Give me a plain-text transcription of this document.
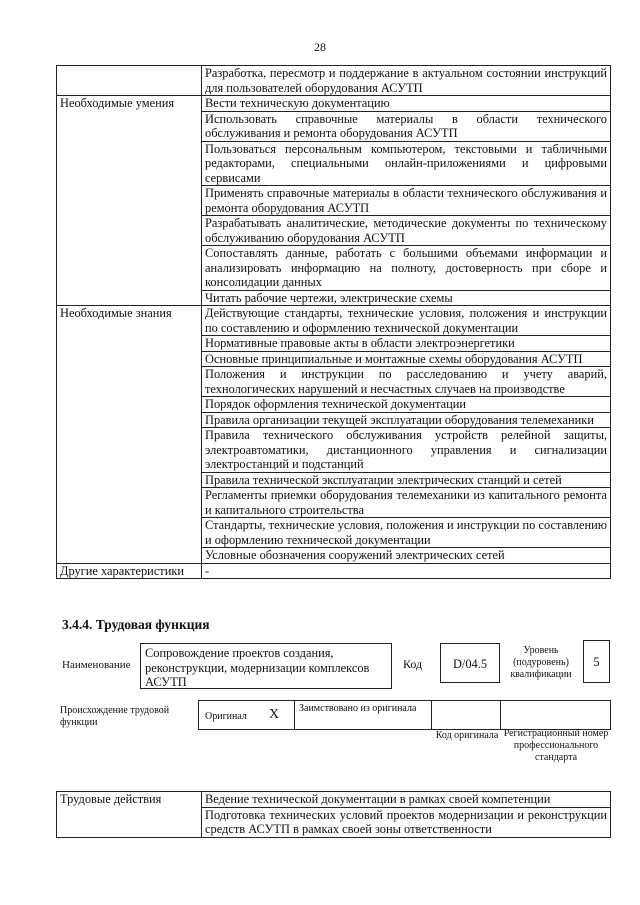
28
	Разработка, пересмотр и поддержание в актуальном состоянии инструкций для пользователей оборудования АСУТП
Необходимые умения	Вести техническую документацию
	Использовать справочные материалы в области технического обслуживания и ремонта оборудования АСУТП
	Пользоваться персональным компьютером, текстовыми и табличными редакторами, специальными онлайн-приложениями и цифровыми сервисами
	Применять справочные материалы в области технического обслуживания и ремонта оборудования АСУТП
	Разрабатывать аналитические, методические документы по техническому обслуживанию оборудования АСУТП
	Сопоставлять данные, работать с большими объемами информации и анализировать информацию на полноту, достоверность при сборе и консолидации данных
	Читать рабочие чертежи, электрические схемы
Необходимые знания	Действующие стандарты, технические условия, положения и инструкции по составлению и оформлению технической документации
	Нормативные правовые акты в области электроэнергетики
	Основные принципиальные и монтажные схемы оборудования АСУТП
	Положения и инструкции по расследованию и учету аварий, технологических нарушений и несчастных случаев на производстве
	Порядок оформления технической документации
	Правила организации текущей эксплуатации оборудования телемеханики
	Правила технического обслуживания устройств релейной защиты, электроавтоматики, дистанционного управления и сигнализации электростанций и подстанций
	Правила технической эксплуатации электрических станций и сетей
	Регламенты приемки оборудования телемеханики из капитального ремонта и капитального строительства
	Стандарты, технические условия, положения и инструкции по составлению и оформлению технической документации
	Условные обозначения сооружений электрических сетей
Другие характеристики	-
3.4.4. Трудовая функция
Наименование
Сопровождение проектов создания, реконструкции, модернизации комплексов АСУТП
Код	D/04.5
Уровень (подуровень) квалификации
5
Происхождение трудовой функции
Оригинал X	Заимствовано из оригинала
Код оригинала Регистрационный номер профессионального стандарта
Трудовые действия	Ведение технической документации в рамках своей компетенции
Подготовка технических условий проектов модернизации и реконструкции средств АСУТП в рамках своей зоны ответственности
